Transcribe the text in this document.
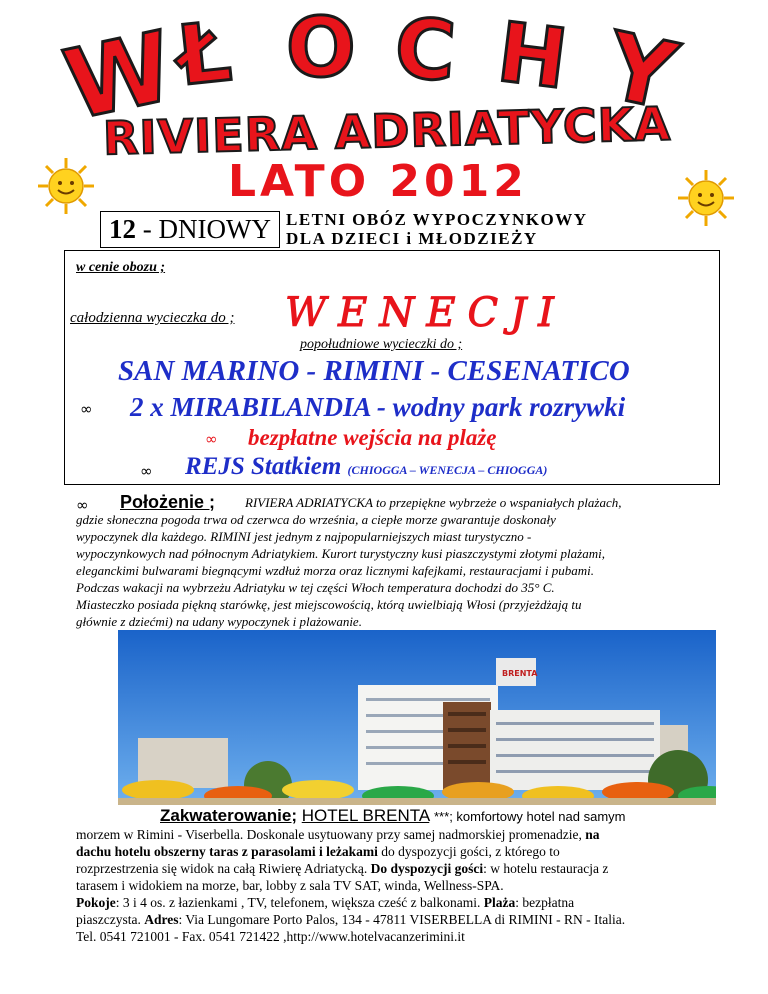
W
Ł O C H Y
RIVIERA ADRIATYCKA
LATO 2012
12 - DNIOWY LETNI OBÓZ WYPOCZYNKOWY
DLA DZIECI i MŁODZIEŻY
w cenie obozu ;
całodzienna wycieczka do ; WENECJI
popołudniowe wycieczki do ;
SAN MARINO - RIMINI - CESENATICO
∞ 2 x MIRABILANDIA - wodny park rozrywki
∞ bezpłatne wejścia na plażę
∞ REJS Statkiem (CHIOGGA – WENECJA – CHIOGGA)
∞ Położenie ; RIVIERA ADRIATYCKA to przepiękne wybrzeże o wspaniałych plażach,
gdzie słoneczna pogoda trwa od czerwca do września, a ciepłe morze gwarantuje doskonały
wypoczynek dla każdego. RIMINI jest jednym z najpopularniejszych miast turystyczno -
wypoczynkowych nad północnym Adriatykiem. Kurort turystyczny kusi piaszczystymi złotymi plażami,
eleganckimi bulwarami biegnącymi wzdłuż morza oraz licznymi kafejkami, restauracjami i pubami.
Podczas wakacji na wybrzeżu Adriatyku w tej części Włoch temperatura dochodzi do 35° C.
Miasteczko posiada piękną starówkę, jest miejscowością, którą uwielbiają Włosi (przyjeżdżają tu
głównie z dziećmi) na udany wypoczynek i plażowanie.
BRENTA
Zakwaterowanie; HOTEL BRENTA ***; komfortowy hotel nad samym
morzem w Rimini - Viserbella. Doskonale usytuowany przy samej nadmorskiej promenadzie, na
dachu hotelu obszerny taras z parasolami i leżakami do dyspozycji gości, z którego to
rozprzestrzenia się widok na całą Riwierę Adriatycką. Do dyspozycji gości: w hotelu restauracja z
tarasem i widokiem na morze, bar, lobby z sala TV SAT, winda, Wellness-SPA.
Pokoje: 3 i 4 os. z łazienkami , TV, telefonem, większa cześć z balkonami. Plaża: bezpłatna
piaszczysta. Adres: Via Lungomare Porto Palos, 134 - 47811 VISERBELLA di RIMINI - RN - Italia.
Tel. 0541 721001 - Fax. 0541 721422 ,http://www.hotelvacanzerimini.it
